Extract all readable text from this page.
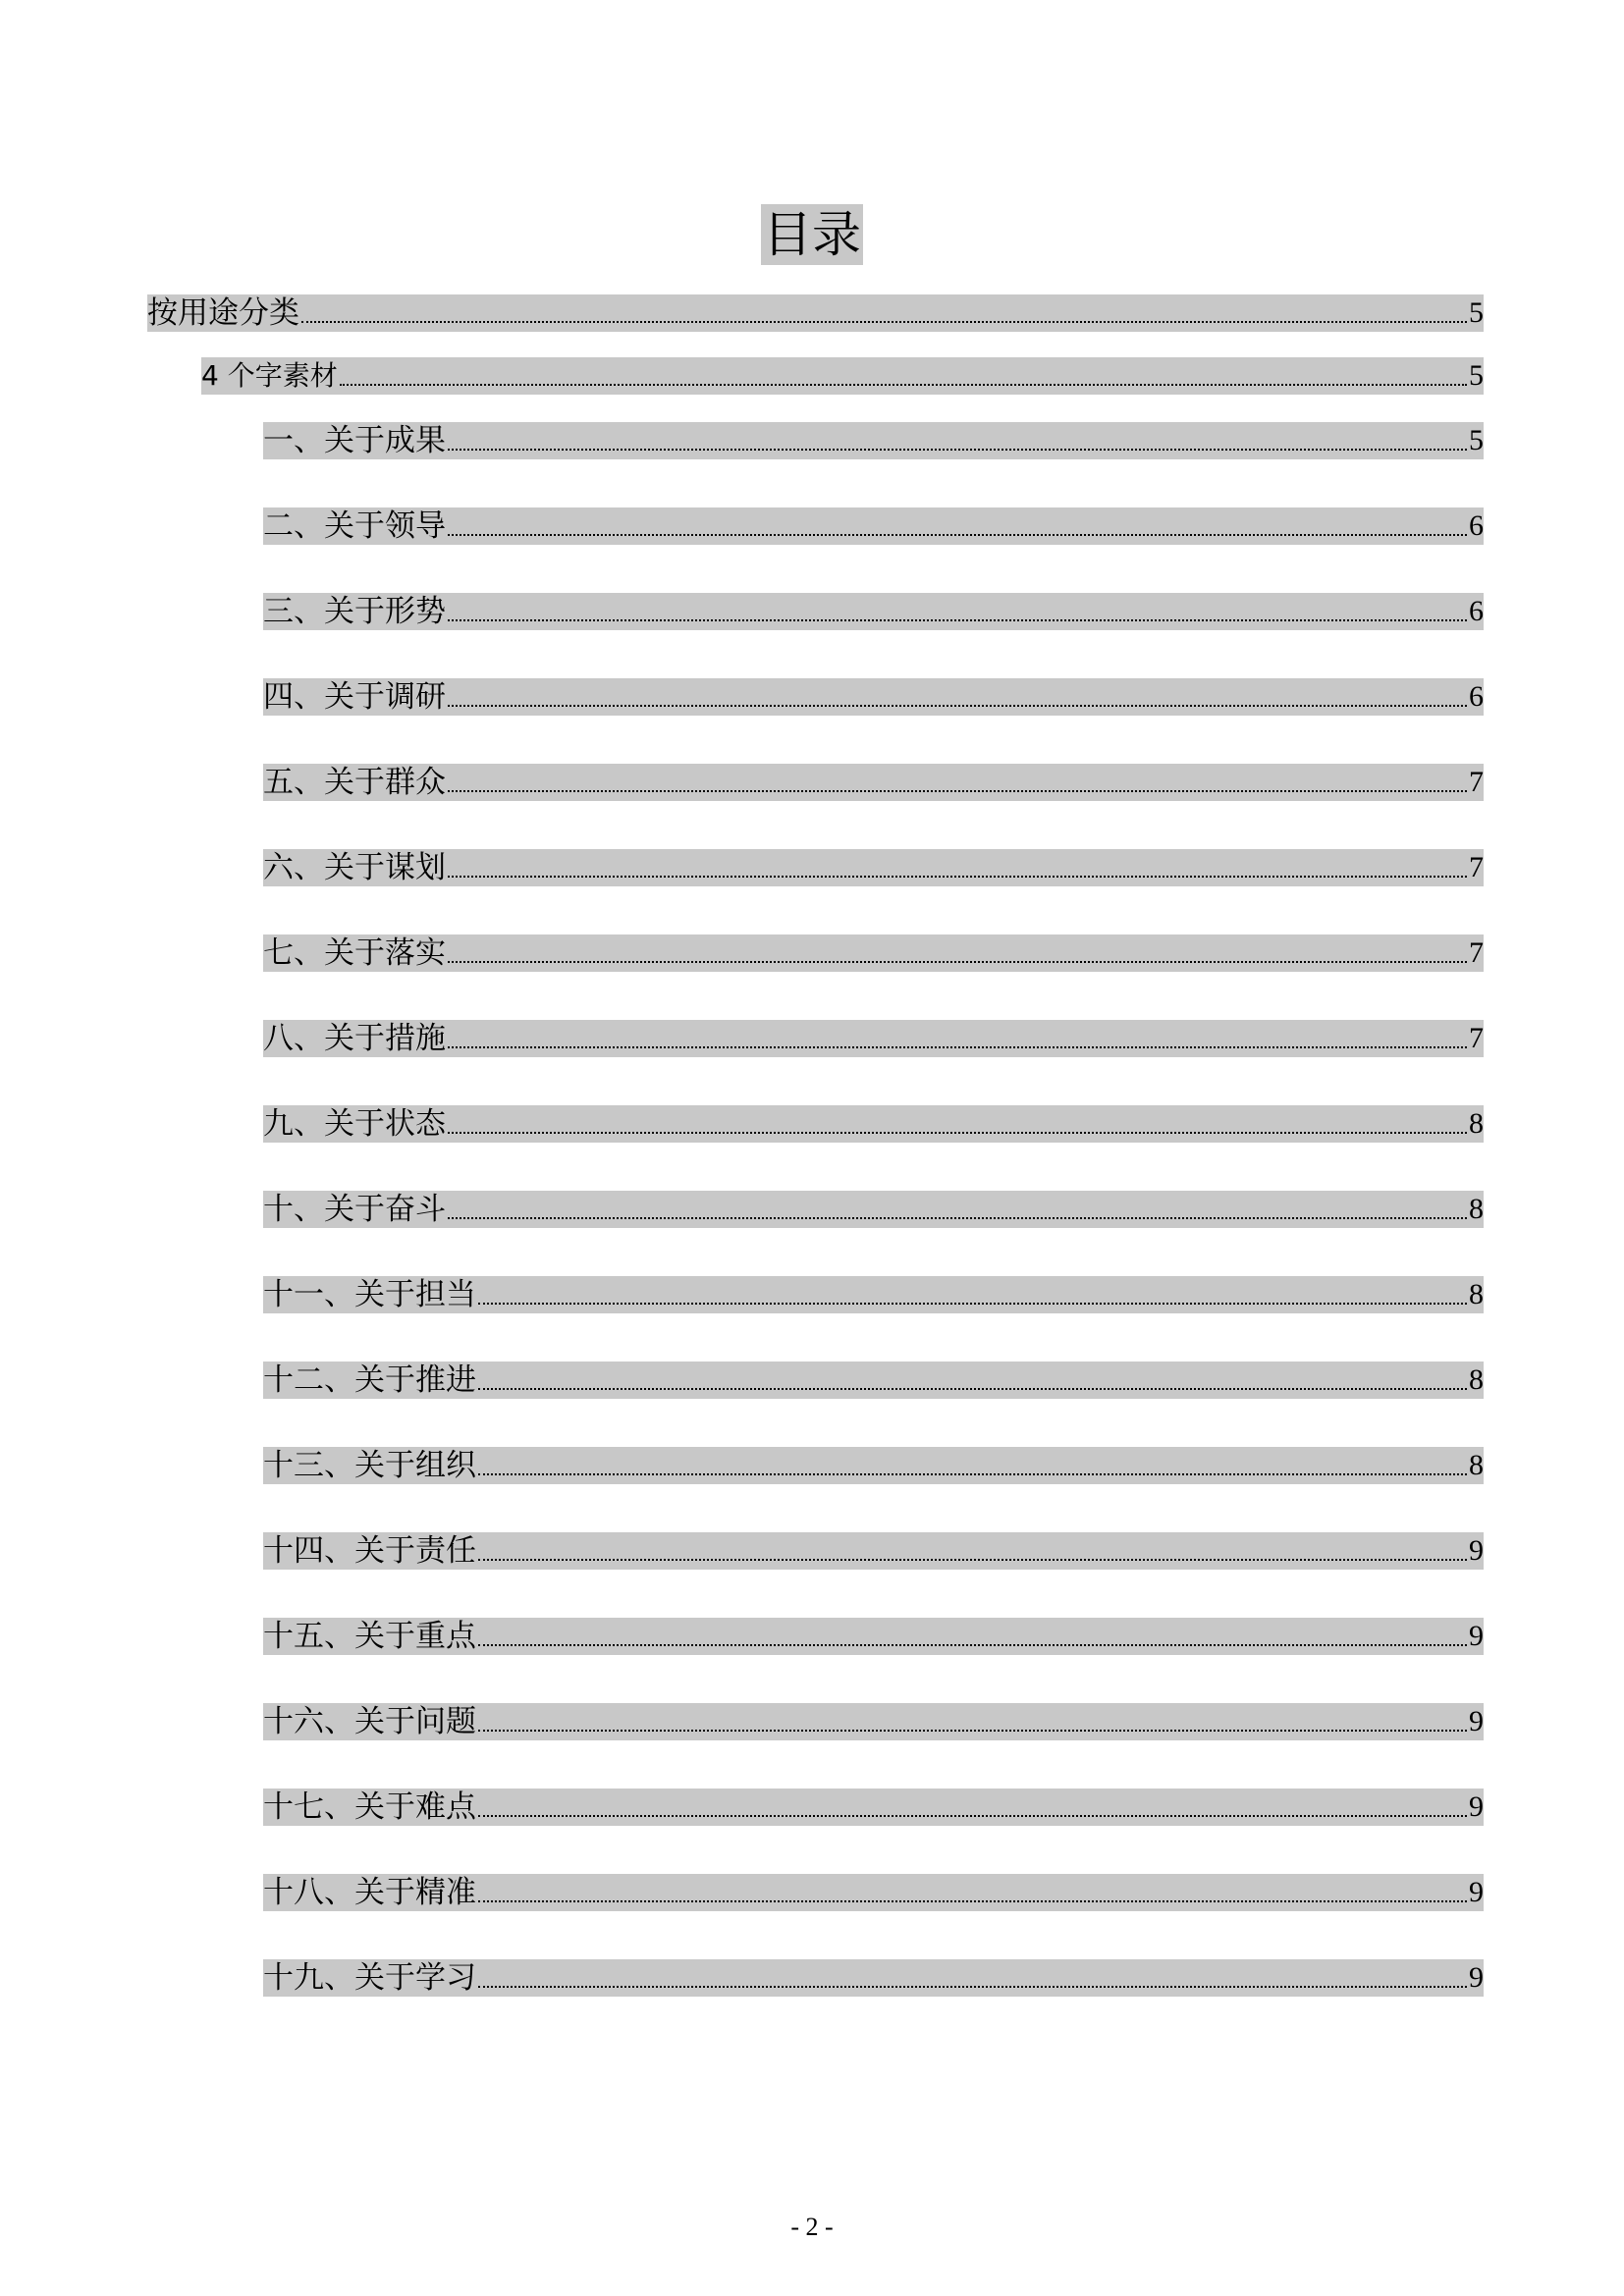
目录
按用途分类	5
4 个字素材	5
一、关于成果	5
二、关于领导	6
三、关于形势	6
四、关于调研	6
五、关于群众	7
六、关于谋划	7
七、关于落实	7
八、关于措施	7
九、关于状态	8
十、关于奋斗	8
十一、关于担当	8
十二、关于推进	8
十三、关于组织	8
十四、关于责任	9
十五、关于重点	9
十六、关于问题	9
十七、关于难点	9
十八、关于精准	9
十九、关于学习	9
- 2 -
